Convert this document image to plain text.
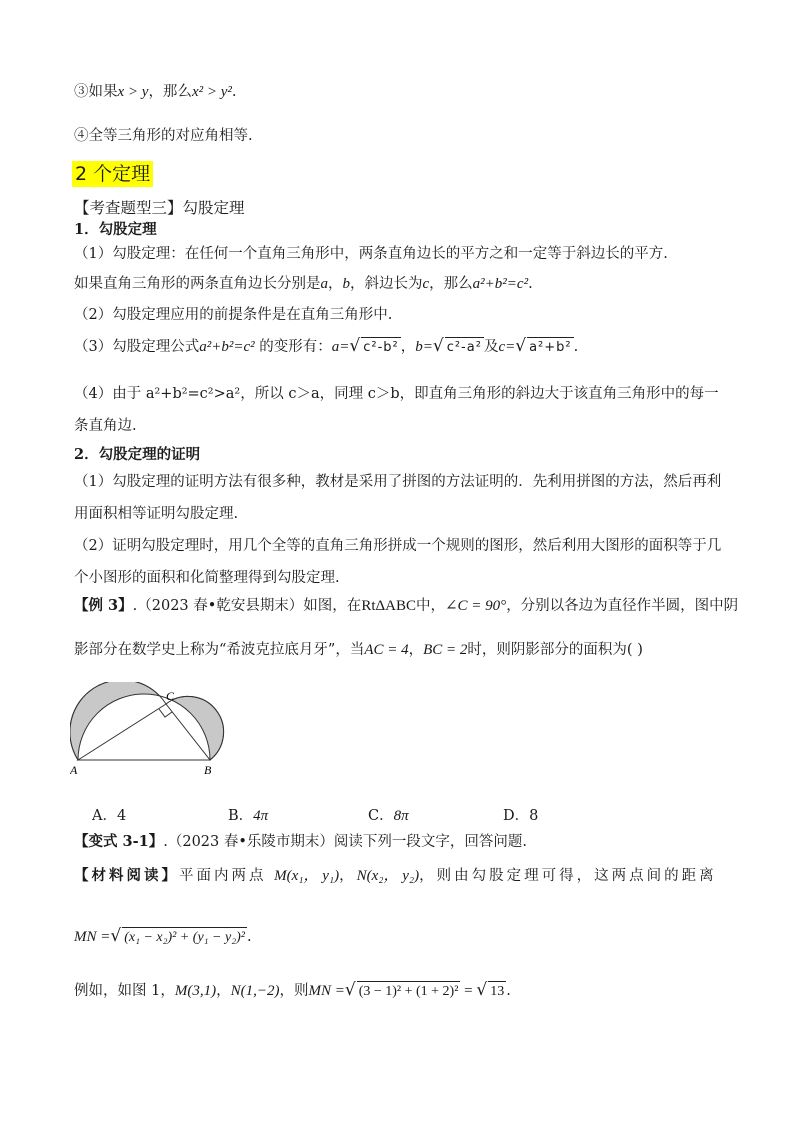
③如果x > y，那么x² > y².
④全等三角形的对应角相等.
2 个定理
【考查题型三】勾股定理
1．勾股定理
（1）勾股定理：在任何一个直角三角形中，两条直角边长的平方之和一定等于斜边长的平方.
如果直角三角形的两条直角边长分别是a，b，斜边长为c，那么a²+b²=c².
（2）勾股定理应用的前提条件是在直角三角形中.
（3）勾股定理公式a²+b²=c² 的变形有：a=√ c²-b² ，b=√ c²-a² 及c=√ a²+b² .
（4）由于 a²+b²=c²>a²，所以 c＞a，同理 c＞b，即直角三角形的斜边大于该直角三角形中的每一条直角边.
2．勾股定理的证明
（1）勾股定理的证明方法有很多种，教材是采用了拼图的方法证明的．先利用拼图的方法，然后再利用面积相等证明勾股定理.
（2）证明勾股定理时，用几个全等的直角三角形拼成一个规则的图形，然后利用大图形的面积等于几个小图形的面积和化简整理得到勾股定理.
【例 3】.（2023 春•乾安县期末）如图，在RtΔABC中，∠C = 90°，分别以各边为直径作半圆，图中阴
影部分在数学史上称为“希波克拉底月牙”，当AC = 4，BC = 2时，则阴影部分的面积为( )
A	B
C
A．4	B．4π	C．8π	D．8
【变式 3-1】.（2023 春•乐陵市期末）阅读下列一段文字，回答问题.
【材料阅读】平面内两点 M(x₁， y₁)，N(x₂， y₂)，则由勾股定理可得，这两点间的距离
MN =√ (x₁ − x₂)² + (y₁ − y₂)² .
例如，如图 1，M(3,1)，N(1,−2)，则MN =√ (3 − 1)² + (1 + 2)² = √ 13 .
